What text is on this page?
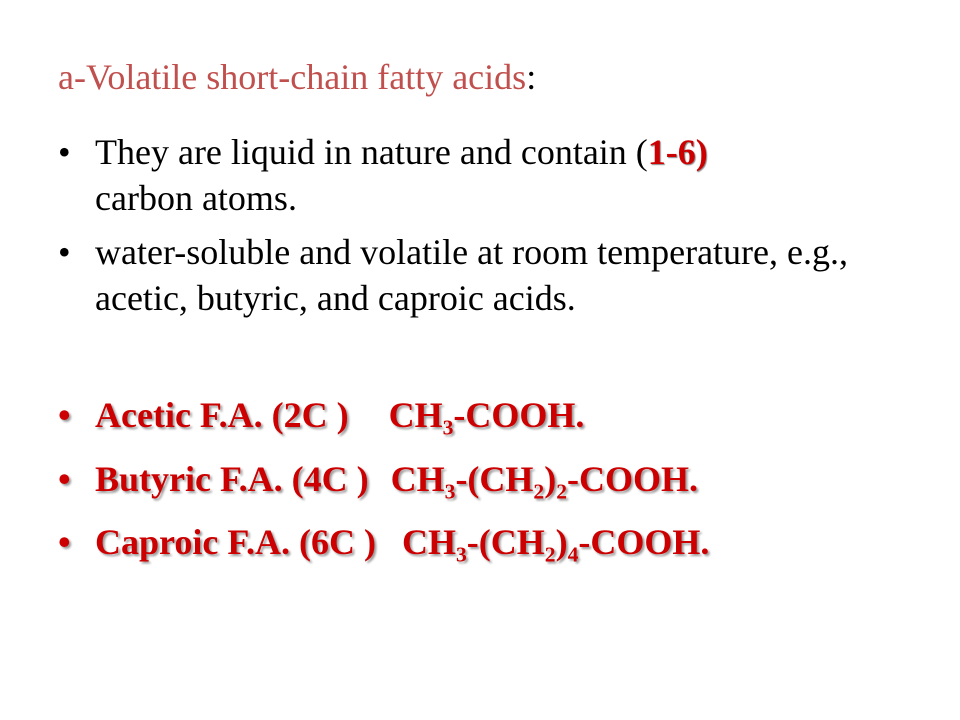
a-Volatile short-chain fatty acids:
• They are liquid in nature and contain (1-6)
carbon atoms.
• water-soluble and volatile at room temperature, e.g., acetic, butyric, and caproic acids.
• Acetic F.A. (2C ) $CH_3$-COOH.
• Butyric F.A. (4C ) $CH_3-(CH_2)_2$-COOH.
• Caproic F.A. (6C ) $CH_3-(CH_2)_4$-COOH.
